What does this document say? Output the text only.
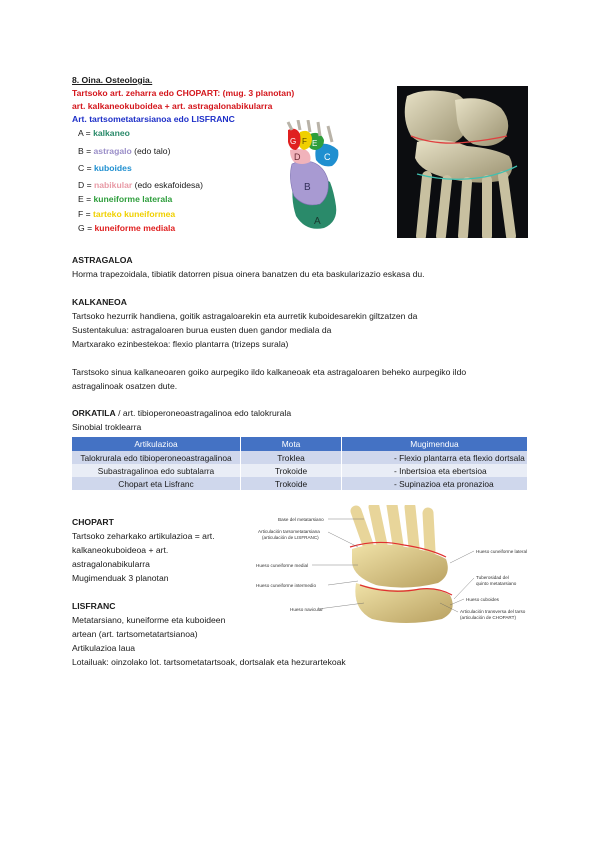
8. Oina. Osteologia.
Tartsoko art. zeharra edo CHOPART: (mug. 3 planotan)
art. kalkaneokuboidea + art. astragalonabikularra
Art. tartsometatarsianoa edo LISFRANC
A = kalkaneo
B = astragalo (edo talo)
C = kuboides
D = nabikular (edo eskafoidesa)
E = kuneiforme laterala
F = tarteko kuneiformea
G = kuneiforme mediala
A
B
C
D
E
F
G
ASTRAGALOA
Horma trapezoidala, tibiatik datorren pisua oinera banatzen du eta baskularizazio eskasa du.
KALKANEOA
Tartsoko hezurrik handiena, goitik astragaloarekin eta aurretik kuboidesarekin giltzatzen da
Sustentakulua: astragaloaren burua eusten duen gandor mediala da
Martxarako ezinbestekoa: flexio plantarra (trizeps surala)
Tarstsoko sinua kalkaneoaren goiko aurpegiko ildo kalkaneoak eta astragaloaren beheko aurpegiko ildo
astragalinoak osatzen dute.
ORKATILA / art. tibioperoneoastragalinoa edo talokrurala
Sinobial troklearra
Artikulazioa	Mota	Mugimendua
Talokrurala edo tibioperoneoastragalinoa	Troklea	- Flexio plantarra eta flexio dortsala
Subastragalinoa edo subtalarra	Trokoide	- Inbertsioa eta ebertsioa
Chopart eta Lisfranc	Trokoide	- Supinazioa eta pronazioa
CHOPART
Tartsoko zeharkako artikulazioa = art.
kalkaneokuboideoa + art.
astragalonabikularra
Mugimenduak 3 planotan
LISFRANC
Metatarsiano, kuneiforme eta kuboideen
artean (art. tartsometatartsianoa)
Artikulazioa laua
Lotailuak: oinzolako lot. tartsometatartsoak, dortsalak eta hezurartekoak
Base del metatarsiano
Articulación tarsometatarsiana
(articulación de LISFRANC)
Hueso cuneiforme medial
Hueso cuneiforme intermedio
Hueso navicular
Hueso cuneiforme lateral
Tuberosidad del
quinto metatarsiano
Hueso cuboides
Articulación transversa del tarso
(articulación de CHOPART)
